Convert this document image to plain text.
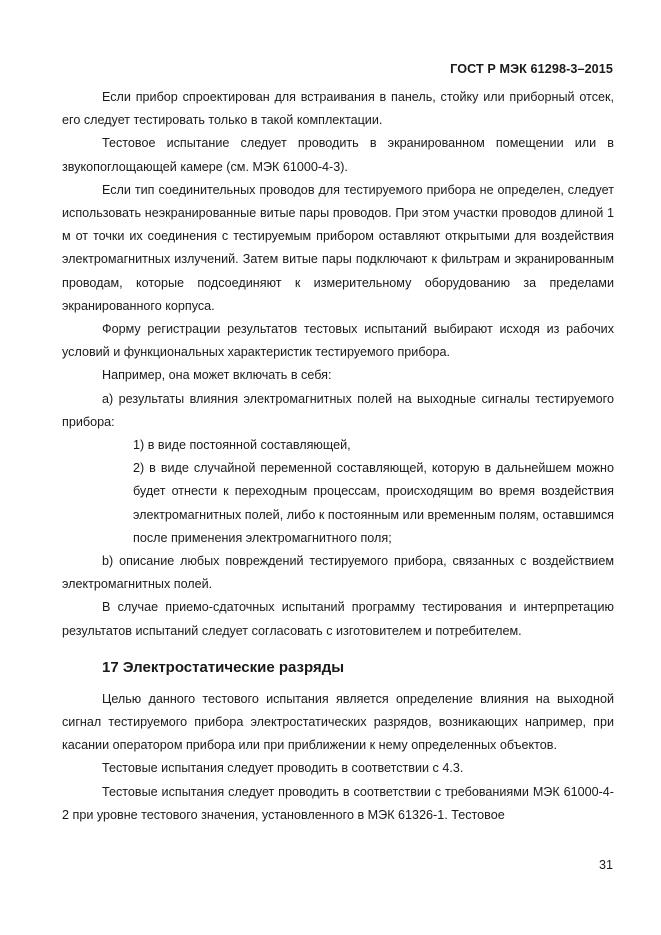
ГОСТ Р МЭК 61298-3–2015

Если прибор спроектирован для встраивания в панель, стойку или приборный отсек, его следует тестировать только в такой комплектации.

Тестовое испытание следует проводить в экранированном помещении или в звукопоглощающей камере (см. МЭК 61000-4-3).

Если тип соединительных проводов для тестируемого прибора не определен, следует использовать неэкранированные витые пары проводов. При этом участки проводов длиной 1 м от точки их соединения с тестируемым прибором оставляют открытыми для воздействия электромагнитных излучений. Затем витые пары подключают к фильтрам и экранированным проводам, которые подсоединяют к измерительному оборудованию за пределами экранированного корпуса.

Форму регистрации результатов тестовых испытаний выбирают исходя из рабочих условий и функциональных характеристик тестируемого прибора.

Например, она может включать в себя:

a) результаты влияния электромагнитных полей на выходные сигналы тестируемого прибора:

1) в виде постоянной составляющей,

2) в виде случайной переменной составляющей, которую в дальнейшем можно будет отнести к переходным процессам, происходящим во время воздействия электромагнитных полей, либо к постоянным или временным полям, оставшимся после применения электромагнитного поля;

b) описание любых повреждений тестируемого прибора, связанных с воздействием электромагнитных полей.

В случае приемо-сдаточных испытаний программу тестирования и интерпретацию результатов испытаний следует согласовать с изготовителем и потребителем.

17 Электростатические разряды

Целью данного тестового испытания является определение влияния на выходной сигнал тестируемого прибора электростатических разрядов, возникающих например, при касании оператором прибора или при приближении к нему определенных объектов.

Тестовые испытания следует проводить в соответствии с 4.3.

Тестовые испытания следует проводить в соответствии с требованиями МЭК 61000-4-2 при уровне тестового значения, установленного в МЭК 61326-1. Тестовое

31
